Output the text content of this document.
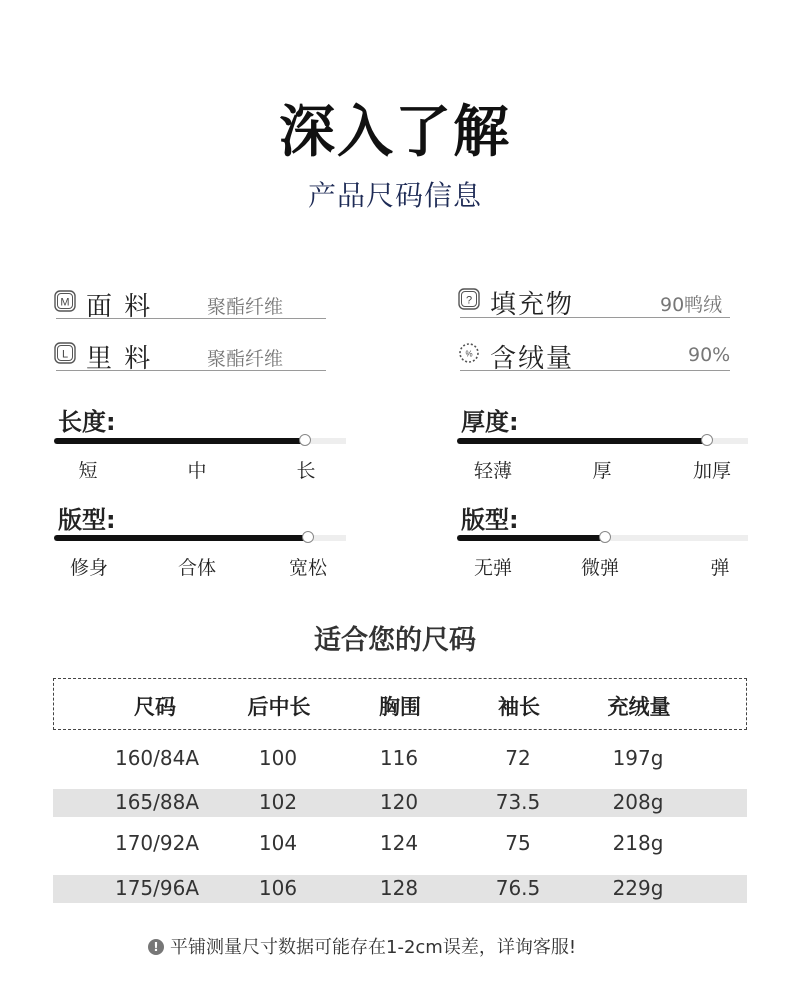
深入了解
产品尺码信息
M 面 料	聚酯纤维
L 里 料	聚酯纤维
? 填充物	90鸭绒
% 含绒量	90%
长度:
短	中	长
厚度:
轻薄	厚	加厚
版型:
修身	合体	宽松
版型:
无弹	微弹	弹
适合您的尺码
尺码	后中长	胸围	袖长	充绒量
160/84A	100	116	72	197g
165/88A	102	120	73.5	208g
170/92A	104	124	75	218g
175/96A	106	128	76.5	229g
! 平铺测量尺寸数据可能存在1-2cm误差，详询客服!
